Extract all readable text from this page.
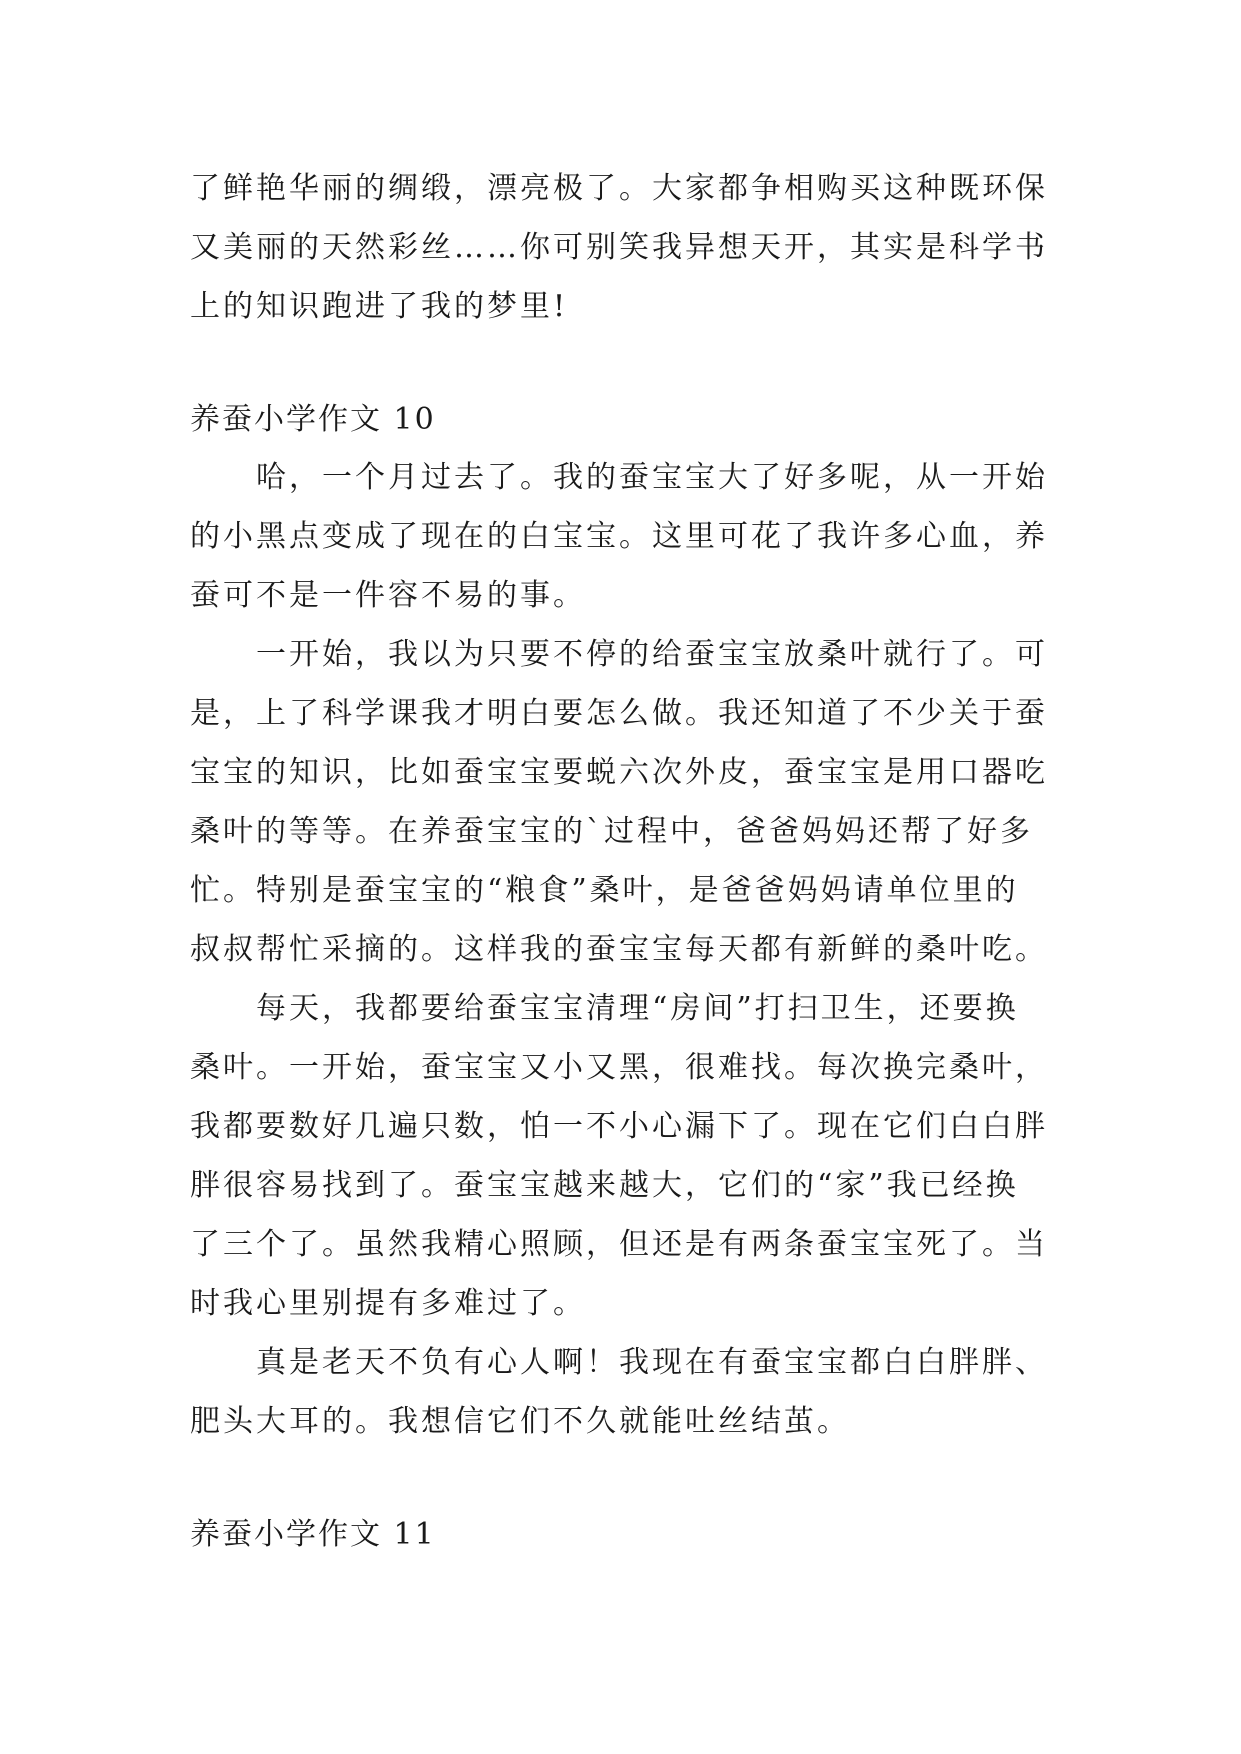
了鲜艳华丽的绸缎，漂亮极了。大家都争相购买这种既环保
又美丽的天然彩丝……你可别笑我异想天开，其实是科学书
上的知识跑进了我的梦里!
养蚕小学作文 10
哈，一个月过去了。我的蚕宝宝大了好多呢，从一开始
的小黑点变成了现在的白宝宝。这里可花了我许多心血，养
蚕可不是一件容不易的事。
一开始，我以为只要不停的给蚕宝宝放桑叶就行了。可
是，上了科学课我才明白要怎么做。我还知道了不少关于蚕
宝宝的知识，比如蚕宝宝要蜕六次外皮，蚕宝宝是用口器吃
桑叶的等等。在养蚕宝宝的`过程中，爸爸妈妈还帮了好多
忙。特别是蚕宝宝的“粮食”桑叶，是爸爸妈妈请单位里的
叔叔帮忙采摘的。这样我的蚕宝宝每天都有新鲜的桑叶吃。
每天，我都要给蚕宝宝清理“房间”打扫卫生，还要换
桑叶。一开始，蚕宝宝又小又黑，很难找。每次换完桑叶，
我都要数好几遍只数，怕一不小心漏下了。现在它们白白胖
胖很容易找到了。蚕宝宝越来越大，它们的“家”我已经换
了三个了。虽然我精心照顾，但还是有两条蚕宝宝死了。当
时我心里别提有多难过了。
真是老天不负有心人啊！我现在有蚕宝宝都白白胖胖、
肥头大耳的。我想信它们不久就能吐丝结茧。
养蚕小学作文 11
